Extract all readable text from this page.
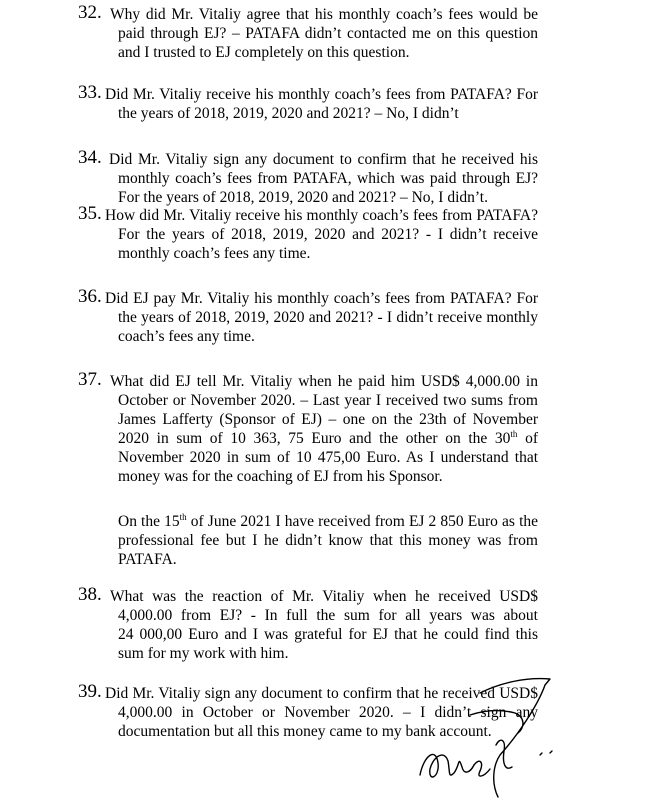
32. Why did Mr. Vitaliy agree that his monthly coach’s fees would be
paid through EJ? – PATAFA didn’t contacted me on this question
and I trusted to EJ completely on this question.
33. Did Mr. Vitaliy receive his monthly coach’s fees from PATAFA? For
the years of 2018, 2019, 2020 and 2021? – No, I didn’t
34. Did Mr. Vitaliy sign any document to confirm that he received his
monthly coach’s fees from PATAFA, which was paid through EJ?
For the years of 2018, 2019, 2020 and 2021? – No, I didn’t.
35. How did Mr. Vitaliy receive his monthly coach’s fees from PATAFA?
For the years of 2018, 2019, 2020 and 2021? - I didn’t receive
monthly coach’s fees any time.
36. Did EJ pay Mr. Vitaliy his monthly coach’s fees from PATAFA? For
the years of 2018, 2019, 2020 and 2021? - I didn’t receive monthly
coach’s fees any time.
37. What did EJ tell Mr. Vitaliy when he paid him USD$ 4,000.00 in
October or November 2020. – Last year I received two sums from
James Lafferty (Sponsor of EJ) – one on the 23th of November
2020 in sum of 10 363, 75 Euro and the other on the 30th of
November 2020 in sum of 10 475,00 Euro. As I understand that
money was for the coaching of EJ from his Sponsor.
On the 15th of June 2021 I have received from EJ 2 850 Euro as the
professional fee but I he didn’t know that this money was from
PATAFA.
38. What was the reaction of Mr. Vitaliy when he received USD$
4,000.00 from EJ? - In full the sum for all years was about
24 000,00 Euro and I was grateful for EJ that he could find this
sum for my work with him.
39. Did Mr. Vitaliy sign any document to confirm that he received USD$
4,000.00 in October or November 2020. – I didn’t sign any
documentation but all this money came to my bank account.
